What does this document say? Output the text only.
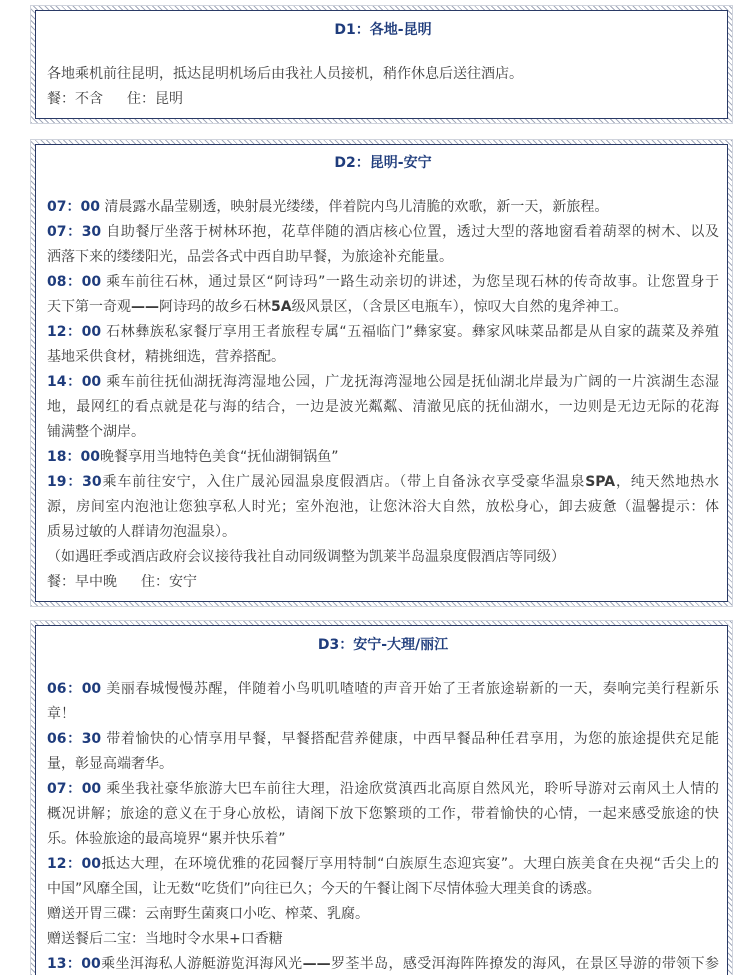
D1：各地-昆明
各地乘机前往昆明，抵达昆明机场后由我社人员接机，稍作休息后送往酒店。
餐：不含 住：昆明
D2：昆明-安宁
07：00 清晨露水晶莹剔透，映射晨光缕缕，伴着院内鸟儿清脆的欢歌，新一天，新旅程。
07：30 自助餐厅坐落于树林环抱，花草伴随的酒店核心位置，透过大型的落地窗看着葫翠的树木、以及
洒落下来的缕缕阳光，品尝各式中西自助早餐，为旅途补充能量。
08：00 乘车前往石林，通过景区“阿诗玛”一路生动亲切的讲述，为您呈现石林的传奇故事。让您置身于
天下第一奇观——阿诗玛的故乡石林5A级风景区，（含景区电瓶车），惊叹大自然的鬼斧神工。
12：00 石林彝族私家餐厅享用王者旅程专属“五福临门”彝家宴。彝家风味菜品都是从自家的蔬菜及养殖
基地采供食材，精挑细选，营养搭配。
14：00 乘车前往抚仙湖抚海湾湿地公园，广龙抚海湾湿地公园是抚仙湖北岸最为广阔的一片滨湖生态湿
地，最网红的看点就是花与海的结合，一边是波光粼粼、清澈见底的抚仙湖水，一边则是无边无际的花海
铺满整个湖岸。
18：00晚餐享用当地特色美食“抚仙湖铜锅鱼”
19：30乘车前往安宁，入住广晟沁园温泉度假酒店。（带上自备泳衣享受豪华温泉SPA，纯天然地热水
源，房间室内泡池让您独享私人时光；室外泡池，让您沐浴大自然，放松身心，卸去疲惫（温馨提示：体
质易过敏的人群请勿泡温泉）。
（如遇旺季或酒店政府会议接待我社自动同级调整为凯莱半岛温泉度假酒店等同级）
餐：早中晚 住：安宁
D3：安宁-大理/丽江
06：00 美丽春城慢慢苏醒，伴随着小鸟叽叽喳喳的声音开始了王者旅途崭新的一天，奏响完美行程新乐
章！
06：30 带着愉快的心情享用早餐，早餐搭配营养健康，中西早餐品种任君享用，为您的旅途提供充足能
量，彰显高端奢华。
07：00 乘坐我社豪华旅游大巴车前往大理，沿途欣赏滇西北高原自然风光，聆听导游对云南风土人情的
概况讲解；旅途的意义在于身心放松，请阁下放下您繁琐的工作，带着愉快的心情，一起来感受旅途的快
乐。体验旅途的最高境界“累并快乐着”
12：00抵达大理，在环境优雅的花园餐厅享用特制“白族原生态迎宾宴”。大理白族美食在央视“舌尖上的
中国”风靡全国，让无数“吃货们”向往已久；今天的午餐让阁下尽情体验大理美食的诱惑。
赠送开胃三碟：云南野生菌爽口小吃、榨菜、乳腐。
赠送餐后二宝：当地时令水果+口香糖
13：00乘坐洱海私人游艇游览洱海风光——罗荃半岛，感受洱海阵阵撩发的海风，在景区导游的带领下参
